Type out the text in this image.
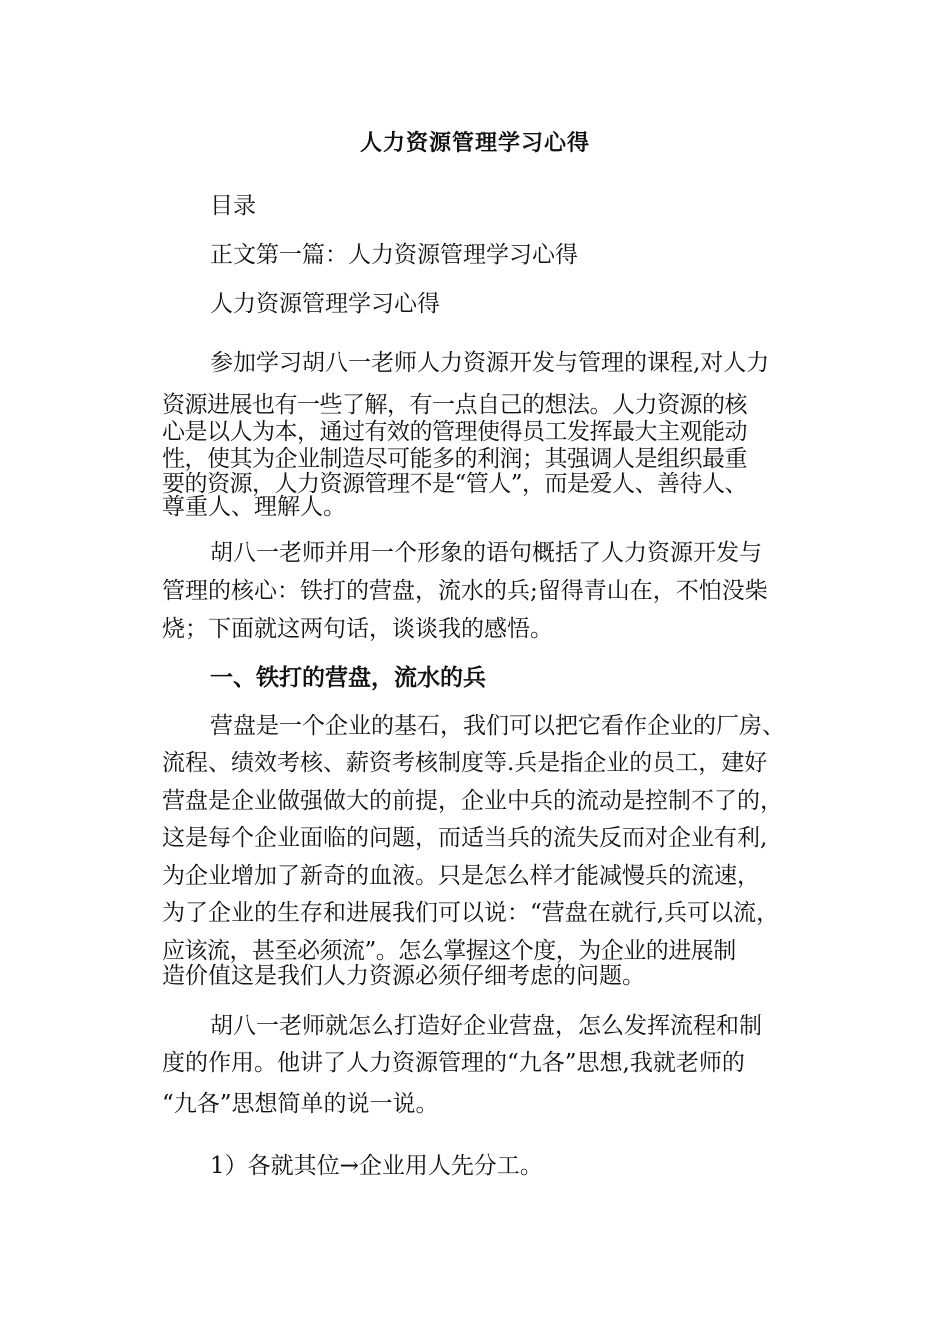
人力资源管理学习心得
目录
正文第一篇：人力资源管理学习心得
人力资源管理学习心得
参加学习胡八一老师人力资源开发与管理的课程,对人力
资源进展也有一些了解，有一点自己的想法。人力资源的核
心是以人为本，通过有效的管理使得员工发挥最大主观能动
性，使其为企业制造尽可能多的利润；其强调人是组织最重
要的资源，人力资源管理不是“管人”，而是爱人、善待人、
尊重人、理解人。
胡八一老师并用一个形象的语句概括了人力资源开发与
管理的核心：铁打的营盘，流水的兵;留得青山在，不怕没柴
烧；下面就这两句话，谈谈我的感悟。
一、铁打的营盘，流水的兵
营盘是一个企业的基石，我们可以把它看作企业的厂房、
流程、绩效考核、薪资考核制度等.兵是指企业的员工，建好
营盘是企业做强做大的前提，企业中兵的流动是控制不了的，
这是每个企业面临的问题，而适当兵的流失反而对企业有利,
为企业增加了新奇的血液。只是怎么样才能减慢兵的流速，
为了企业的生存和进展我们可以说：“营盘在就行,兵可以流，
应该流，甚至必须流”。怎么掌握这个度，为企业的进展制
造价值这是我们人力资源必须仔细考虑的问题。
胡八一老师就怎么打造好企业营盘，怎么发挥流程和制
度的作用。他讲了人力资源管理的“九各”思想,我就老师的
“九各”思想简单的说一说。
1）各就其位→企业用人先分工。
